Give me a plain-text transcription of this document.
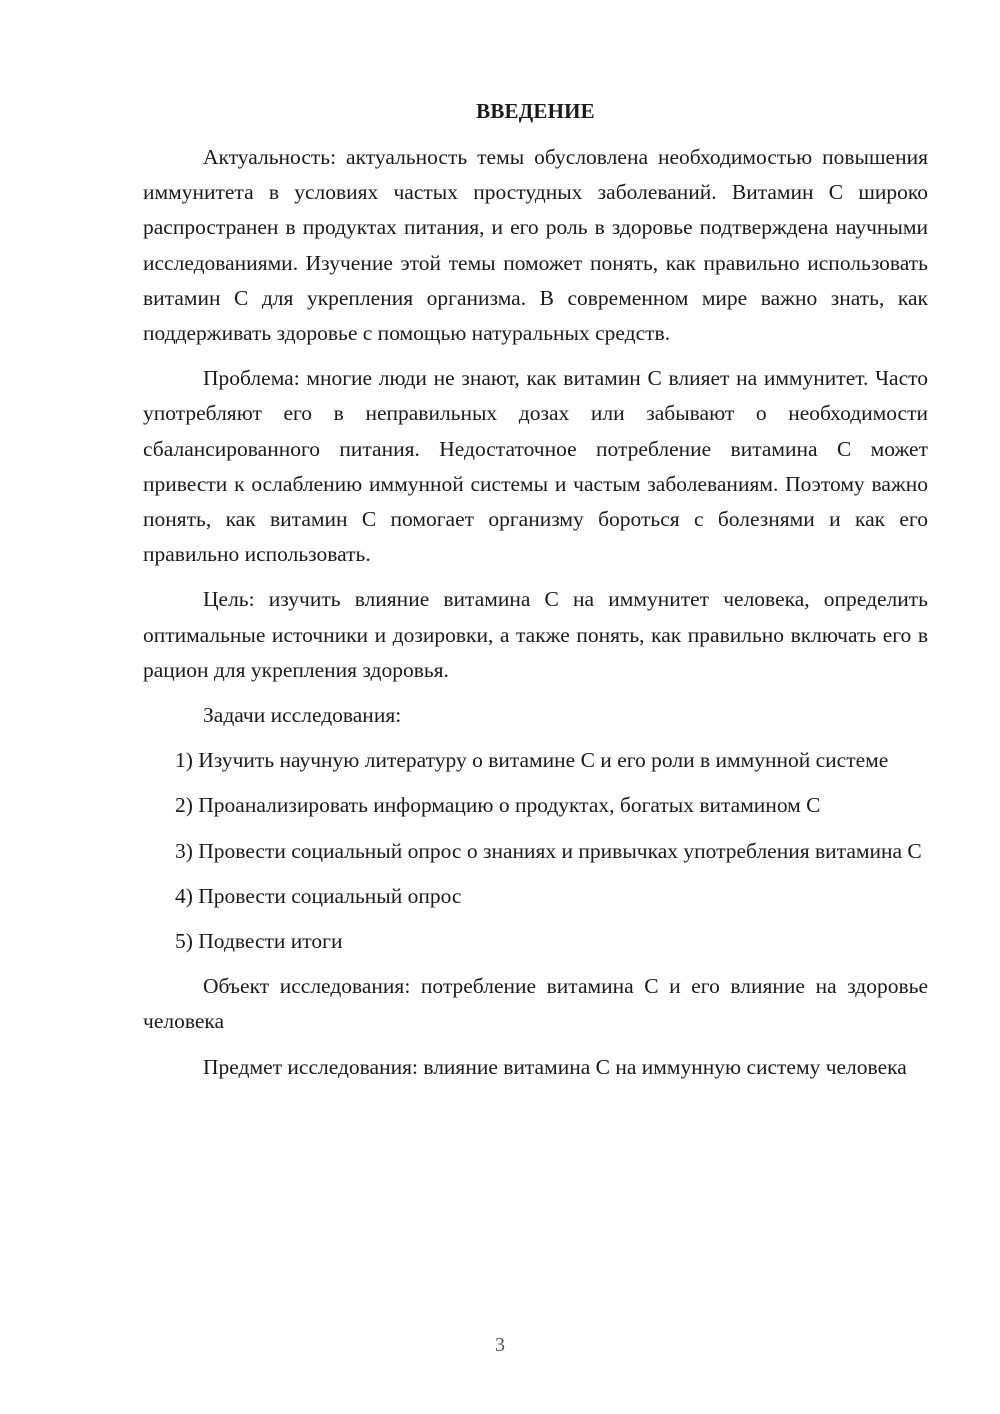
ВВЕДЕНИЕ

Актуальность: актуальность темы обусловлена необходимостью повышения иммунитета в условиях частых простудных заболеваний. Витамин С широко распространен в продуктах питания, и его роль в здоровье подтверждена научными исследованиями. Изучение этой темы поможет понять, как правильно использовать витамин С для укрепления организма. В современном мире важно знать, как поддерживать здоровье с помощью натуральных средств.

Проблема: многие люди не знают, как витамин С влияет на иммунитет. Часто употребляют его в неправильных дозах или забывают о необходимости сбалансированного питания. Недостаточное потребление витамина С может привести к ослаблению иммунной системы и частым заболеваниям. Поэтому важно понять, как витамин С помогает организму бороться с болезнями и как его правильно использовать.

Цель: изучить влияние витамина С на иммунитет человека, определить оптимальные источники и дозировки, а также понять, как правильно включать его в рацион для укрепления здоровья.

Задачи исследования:

1) Изучить научную литературу о витамине С и его роли в иммунной системе

2) Проанализировать информацию о продуктах, богатых витамином С

3) Провести социальный опрос о знаниях и привычках употребления витамина С

4) Провести социальный опрос

5) Подвести итоги

Объект исследования: потребление витамина С и его влияние на здоровье человека

Предмет исследования: влияние витамина С на иммунную систему человека

3
